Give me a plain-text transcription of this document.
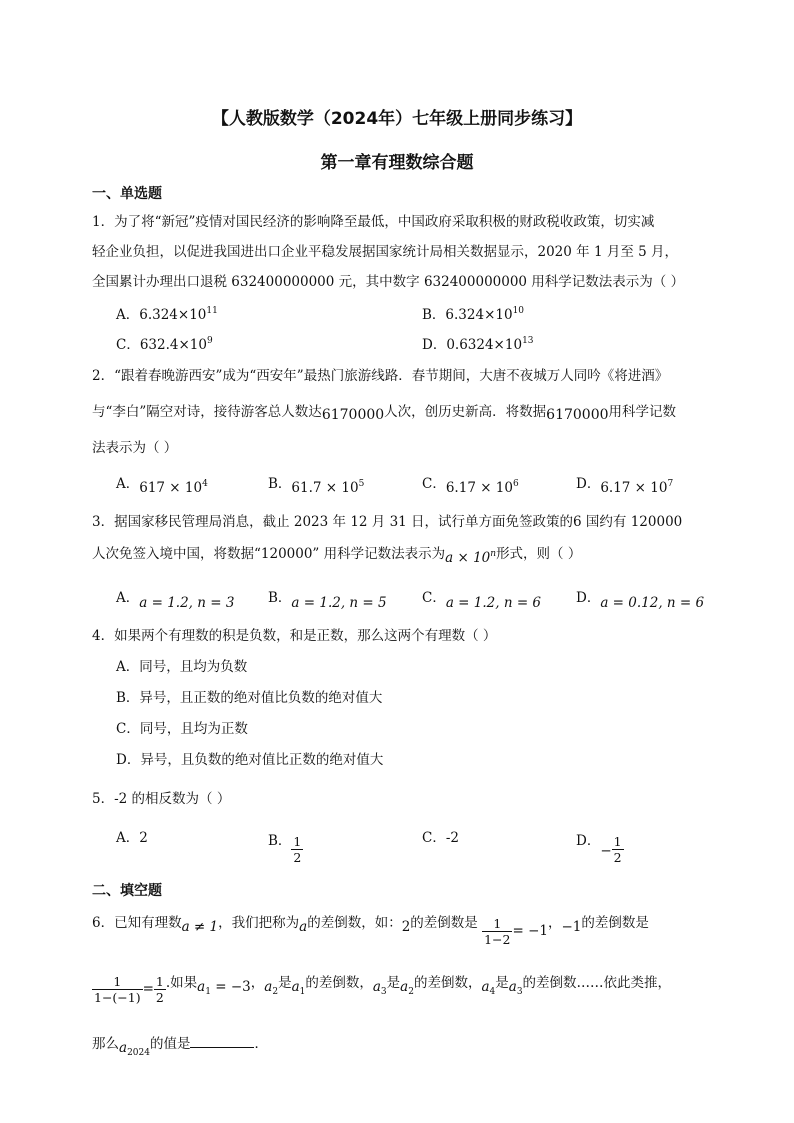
【人教版数学（2024年）七年级上册同步练习】
第一章有理数综合题
一、单选题
1．为了将“新冠”疫情对国民经济的影响降至最低，中国政府采取积极的财政税收政策，切实减
轻企业负担，以促进我国进出口企业平稳发展据国家统计局相关数据显示，2020 年 1 月至 5 月，
全国累计办理出口退税 632400000000 元，其中数字 632400000000 用科学记数法表示为（ ）
A．$6.324\times 10^{11}$	B．$6.324\times 10^{10}$
C．$632.4\times 10^9$	D．$0.6324\times 10^{13}$
2．“跟着春晚游西安”成为“西安年”最热门旅游线路．春节期间，大唐不夜城万人同吟《将进酒》
与“李白”隔空对诗，接待游客总人数达6170000人次，创历史新高．将数据6170000用科学记数
法表示为（ ）
A．$617 \times 10^4$	B．$61.7 \times 10^5$	C．$6.17 \times 10^6$	D．$6.17 \times 10^7$
3．据国家移民管理局消息，截止 2023 年 12 月 31 日，试行单方面免签政策的6 国约有 120000
人次免签入境中国，将数据“120000” 用科学记数法表示为$a \times 10^n$形式，则（ ）
A．a = 1.2, n = 3 B．a = 1.2, n = 5	C．a = 1.2, n = 6	D．a = 0.12, n = 6
4．如果两个有理数的积是负数，和是正数，那么这两个有理数（ ）
A．同号，且均为负数
B．异号，且正数的绝对值比负数的绝对值大
C．同号，且均为正数
D．异号，且负数的绝对值比正数的绝对值大
5．-2 的相反数为（ ）
A．2	B． $\frac{1}{2}$	C．-2	D．− $\frac{1}{2}$
二、填空题
6．已知有理数a ≠ 1，我们把称为a的差倒数，如：2的差倒数是 $\frac{1}{1-2} = -1$，−1的差倒数是
$\frac{1}{1-(-1)} = \frac{1}{2}$ .如果$a_1 = -3$，$a_2$是$a_1$的差倒数，$a_3$是$a_2$的差倒数，$a_4$是$a_3$的差倒数……依此类推，
那么$a_{2024}$的值是	．
